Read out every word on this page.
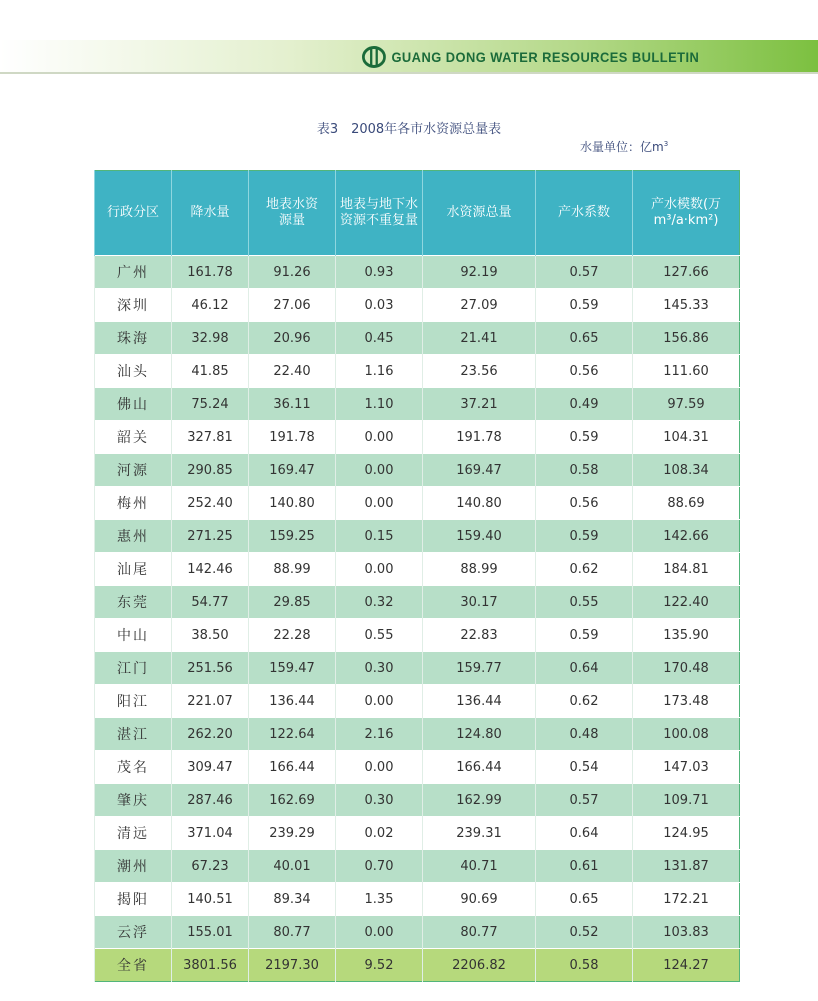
GUANG DONG WATER RESOURCES BULLETIN
表3　2008年各市水资源总量表
水量单位：亿$m^3$
行政分区	降水量	地表水资源量	地表与地下水资源不重复量	水资源总量	产水系数	产水模数(万m³/a·km²)

广州	161.78	91.26	0.93	92.19	0.57	127.66
深圳	46.12	27.06	0.03	27.09	0.59	145.33
珠海	32.98	20.96	0.45	21.41	0.65	156.86
汕头	41.85	22.40	1.16	23.56	0.56	111.60
佛山	75.24	36.11	1.10	37.21	0.49	97.59
韶关	327.81	191.78	0.00	191.78	0.59	104.31
河源	290.85	169.47	0.00	169.47	0.58	108.34
梅州	252.40	140.80	0.00	140.80	0.56	88.69
惠州	271.25	159.25	0.15	159.40	0.59	142.66
汕尾	142.46	88.99	0.00	88.99	0.62	184.81
东莞	54.77	29.85	0.32	30.17	0.55	122.40
中山	38.50	22.28	0.55	22.83	0.59	135.90
江门	251.56	159.47	0.30	159.77	0.64	170.48
阳江	221.07	136.44	0.00	136.44	0.62	173.48
湛江	262.20	122.64	2.16	124.80	0.48	100.08
茂名	309.47	166.44	0.00	166.44	0.54	147.03
肇庆	287.46	162.69	0.30	162.99	0.57	109.71
清远	371.04	239.29	0.02	239.31	0.64	124.95
潮州	67.23	40.01	0.70	40.71	0.61	131.87
揭阳	140.51	89.34	1.35	90.69	0.65	172.21
云浮	155.01	80.77	0.00	80.77	0.52	103.83
全省	3801.56	2197.30	9.52	2206.82	0.58	124.27
